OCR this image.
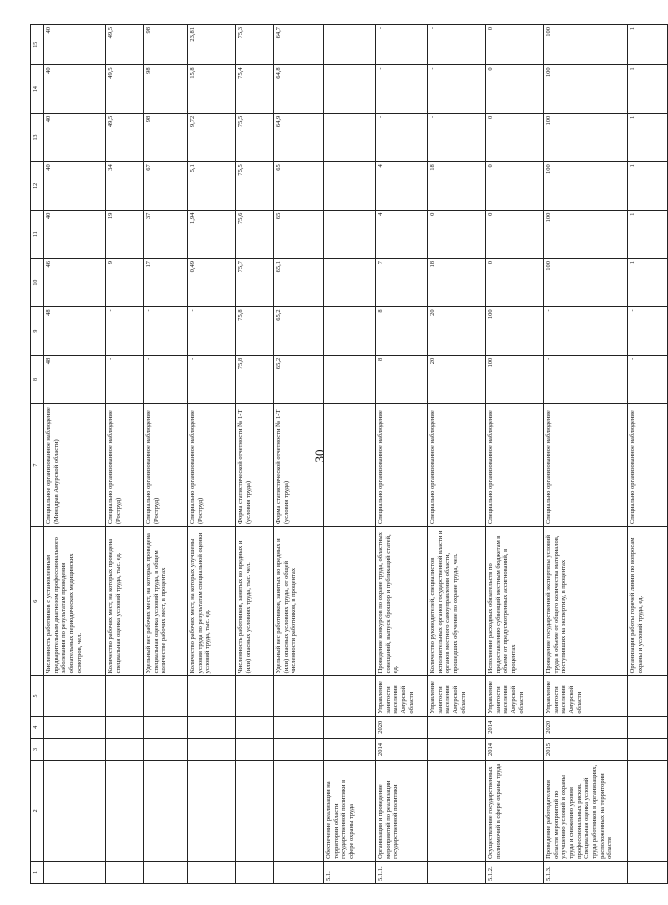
30
1	2	3	4	5	6	7	8	9	10	11	12	13	14	15
					Численность работников с установленным предварительным диагнозом профессионального заболевания по результатам проведения обязательных периодических медицинских осмотров, чел.	Специальное организованное наблюдение (Минздрав Амурской области)	48	48	46	40	40	40	40	40
					Количество рабочих мест, на которых проведена специальная оценка условий труда, тыс. ед.	Специально организованное наблюдение (Роструд)	-	-	9	19	34	49,5	49,5	49,5
					Удельный вес рабочих мест, на которых проведена специальная оценка условий труда, в общем количестве рабочих мест, в процентах	Специально организованное наблюдение (Роструд)	-	-	17	37	67	98	98	98
					Количество рабочих мест, на которых улучшены условия труда по результатам специальной оценки условий труда, тыс. ед.	Специально организованное наблюдение (Роструд)	-	-	0,49	1,94	5,1	9,72	15,8	23,81
					Численность работников, занятых во вредных и (или) опасных условиях труда, тыс. чел.	Форма статистической отчетности № 1-Т (условия труда)	75,8	75,8	75,7	75,6	75,5	75,5	75,4	75,3
					Удельный вес работников, занятых во вредных и (или) опасных условиях труда, от общей численности работников, в процентах	Форма статистической отчетности № 1-Т (условия труда)	65,2	65,2	65,1	65	65	64,9	64,8	64,7
5.1.	Обеспечение реализации на территории области государственной политики в сфере охраны труда													
5.1.1.	Организация и проведение мероприятий по реализации государственной политики	2014	2020	Управление занятости населения Амурской области	Проведение конкурсов по охране труда, областных совещаний, выпуск брошюр и публикаций статей, ед.	Специально организованное наблюдение	8	8	7	4	4	-	-	-
				Управление занятости населения Амурской области	Количество руководителей, специалистов исполнительных органов государственной власти и органов местного самоуправления области, прошедших обучение по охране труда, чел.	Специально организованное наблюдение	20	20	18	0	18	-	-	-
5.1.2.	Осуществление государственных полномочий в сфере охраны труда	2014	2014	Управление занятости населения Амурской области	Исполнение расходных обязательств по предоставлению субвенций местным бюджетам в объеме от предусмотренных ассигнований, в процентах	Специально организованное наблюдение	100	100	0	0	0	0	0	0
5.1.3.	Проведение работодателями области мероприятий по улучшению условий и охраны труда и снижению уровня профессиональных рисков. Специальная оценка условий труда работников в организациях, расположенных на территории области	2015	2020	Управление занятости населения Амурской области	Проведение государственной экспертизы условий труда в объеме от общего количества материалов, поступивших на экспертизу, в процентах	Специально организованное наблюдение	-	-	100	100	100	100	100	100
					Организация работы горячей линии по вопросам охраны и условий труда, ед.	Специально организованное наблюдение	-	-	1	1	1	1	1	1
